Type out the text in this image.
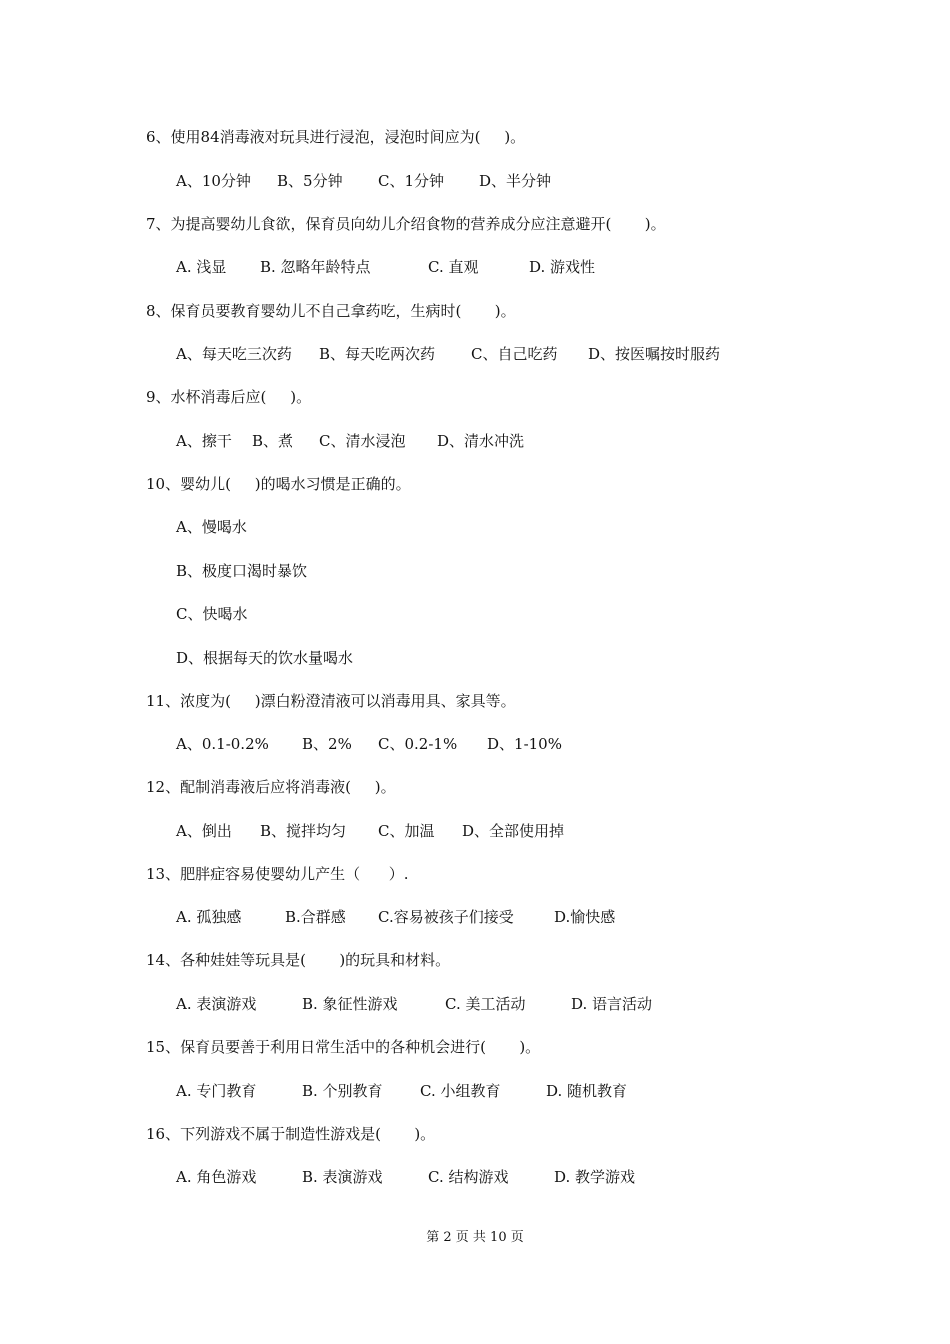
6、使用84消毒液对玩具进行浸泡，浸泡时间应为(     )。
A、10分钟 B、5分钟 C、1分钟 D、半分钟
7、为提高婴幼儿食欲，保育员向幼儿介绍食物的营养成分应注意避开(       )。
A. 浅显 B. 忽略年龄特点	C. 直观	D. 游戏性
8、保育员要教育婴幼儿不自己拿药吃，生病时(       )。
A、每天吃三次药 B、每天吃两次药 C、自己吃药 D、按医嘱按时服药
9、水杯消毒后应(     )。
A、擦干 B、煮 C、清水浸泡 D、清水冲洗
10、婴幼儿(     )的喝水习惯是正确的。
A、慢喝水
B、极度口渴时暴饮
C、快喝水
D、根据每天的饮水量喝水
11、浓度为(     )漂白粉澄清液可以消毒用具、家具等。
A、0.1-0.2% B、2% C、0.2-1% D、1-10%
12、配制消毒液后应将消毒液(     )。
A、倒出 B、搅拌均匀 C、加温 D、全部使用掉
13、肥胖症容易使婴幼儿产生（      ）.
A. 孤独感	B.合群感 C.容易被孩子们接受	D.愉快感
14、各种娃娃等玩具是(       )的玩具和材料。
A. 表演游戏	B. 象征性游戏	C. 美工活动	D. 语言活动
15、保育员要善于利用日常生活中的各种机会进行(       )。
A. 专门教育	B. 个别教育 C. 小组教育	D. 随机教育
16、下列游戏不属于制造性游戏是(       )。
A. 角色游戏	B. 表演游戏	C. 结构游戏	D. 教学游戏
第 2 页 共 10 页
